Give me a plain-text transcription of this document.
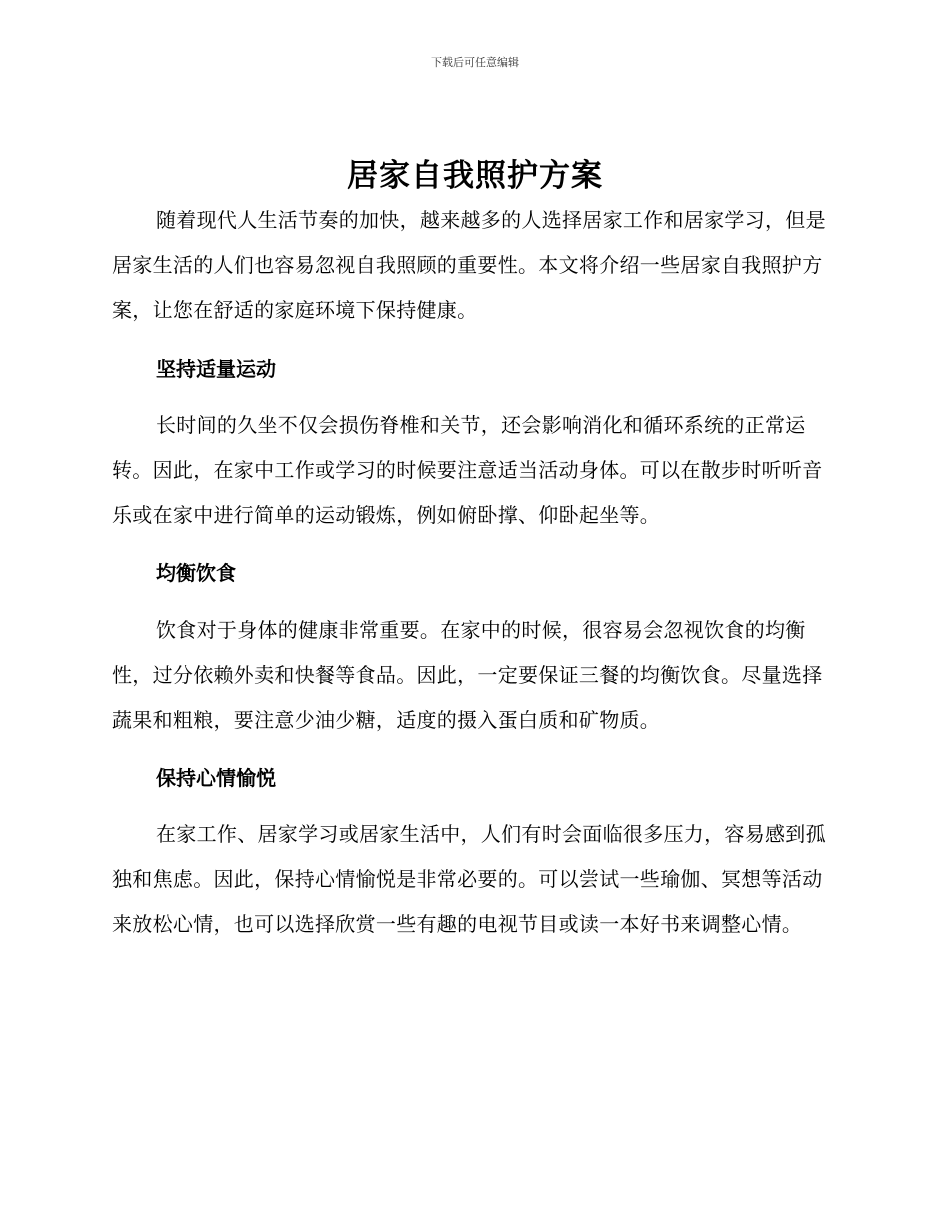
下载后可任意编辑
居家自我照护方案
随着现代人生活节奏的加快，越来越多的人选择居家工作和居家学习，但是居家生活的人们也容易忽视自我照顾的重要性。本文将介绍一些居家自我照护方案，让您在舒适的家庭环境下保持健康。
坚持适量运动
长时间的久坐不仅会损伤脊椎和关节，还会影响消化和循环系统的正常运转。因此，在家中工作或学习的时候要注意适当活动身体。可以在散步时听听音乐或在家中进行简单的运动锻炼，例如俯卧撑、仰卧起坐等。
均衡饮食
饮食对于身体的健康非常重要。在家中的时候，很容易会忽视饮食的均衡性，过分依赖外卖和快餐等食品。因此，一定要保证三餐的均衡饮食。尽量选择蔬果和粗粮，要注意少油少糖，适度的摄入蛋白质和矿物质。
保持心情愉悦
在家工作、居家学习或居家生活中，人们有时会面临很多压力，容易感到孤独和焦虑。因此，保持心情愉悦是非常必要的。可以尝试一些瑜伽、冥想等活动来放松心情，也可以选择欣赏一些有趣的电视节目或读一本好书来调整心情。
